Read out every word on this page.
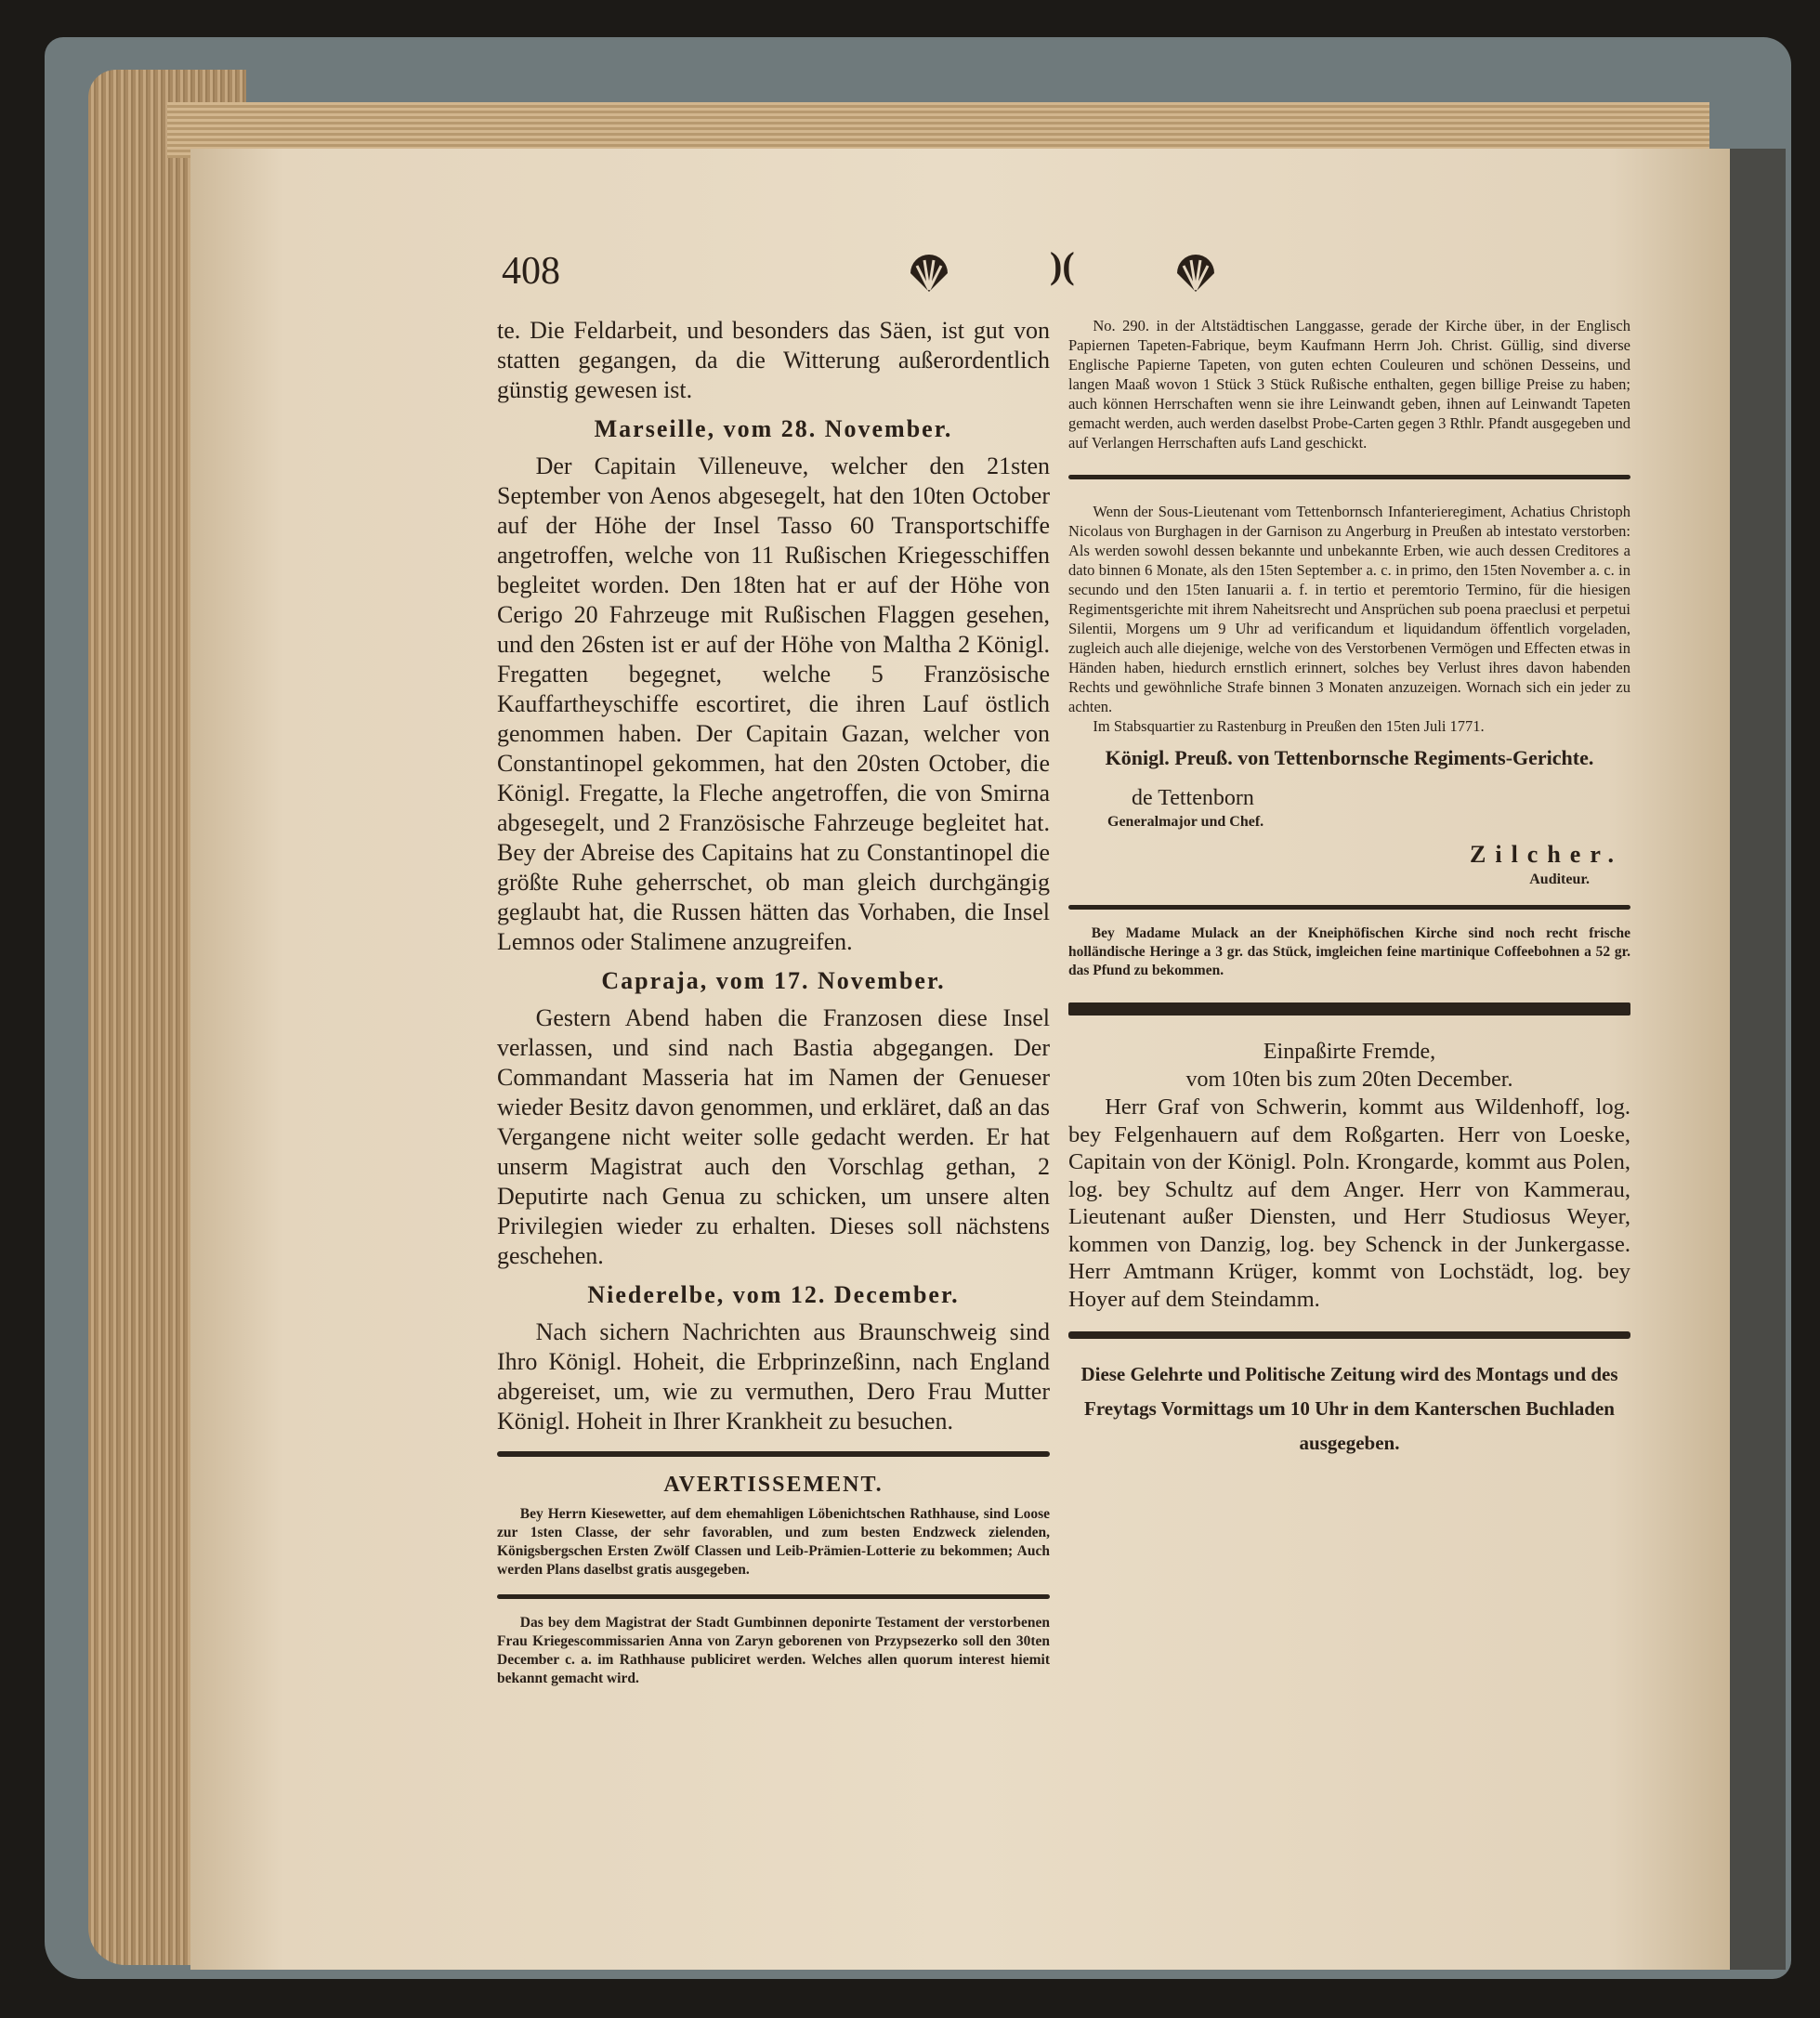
408	)(

te. Die Feldarbeit, und besonders das Säen, ist gut von statten gegangen, da die Witterung außerordentlich günstig gewesen ist.

Marseille, vom 28. November.

Der Capitain Villeneuve, welcher den 21sten September von Aenos abgesegelt, hat den 10ten October auf der Höhe der Insel Tasso 60 Transportschiffe angetroffen, welche von 11 Rußischen Kriegesschiffen begleitet worden. Den 18ten hat er auf der Höhe von Cerigo 20 Fahrzeuge mit Rußischen Flaggen gesehen, und den 26sten ist er auf der Höhe von Maltha 2 Königl. Fregatten begegnet, welche 5 Französische Kauffartheyschiffe escortiret, die ihren Lauf östlich genommen haben. Der Capitain Gazan, welcher von Constantinopel gekommen, hat den 20sten October, die Königl. Fregatte, la Fleche angetroffen, die von Smirna abgesegelt, und 2 Französische Fahrzeuge begleitet hat. Bey der Abreise des Capitains hat zu Constantinopel die größte Ruhe geherrschet, ob man gleich durchgängig geglaubt hat, die Russen hätten das Vorhaben, die Insel Lemnos oder Stalimene anzugreifen.

Capraja, vom 17. November.

Gestern Abend haben die Franzosen diese Insel verlassen, und sind nach Bastia abgegangen. Der Commandant Masseria hat im Namen der Genueser wieder Besitz davon genommen, und erkläret, daß an das Vergangene nicht weiter solle gedacht werden. Er hat unserm Magistrat auch den Vorschlag gethan, 2 Deputirte nach Genua zu schicken, um unsere alten Privilegien wieder zu erhalten. Dieses soll nächstens geschehen.

Niederelbe, vom 12. December.

Nach sichern Nachrichten aus Braunschweig sind Ihro Königl. Hoheit, die Erbprinzeßinn, nach England abgereiset, um, wie zu vermuthen, Dero Frau Mutter Königl. Hoheit in Ihrer Krankheit zu besuchen.

AVERTISSEMENT.

Bey Herrn Kiesewetter, auf dem ehemahligen Löbenichtschen Rathhause, sind Loose zur 1sten Classe, der sehr favorablen, und zum besten Endzweck zielenden, Königsbergschen Ersten Zwölf Classen und Leib-Prämien-Lotterie zu bekommen; Auch werden Plans daselbst gratis ausgegeben.

Das bey dem Magistrat der Stadt Gumbinnen deponirte Testament der verstorbenen Frau Kriegescommissarien Anna von Zaryn geborenen von Przypsezerko soll den 30ten December c. a. im Rathhause publiciret werden. Welches allen quorum interest hiemit bekannt gemacht wird.

No. 290. in der Altstädtischen Langgasse, gerade der Kirche über, in der Englisch Papiernen Tapeten-Fabrique, beym Kaufmann Herrn Joh. Christ. Güllig, sind diverse Englische Papierne Tapeten, von guten echten Couleuren und schönen Desseins, und langen Maaß wovon 1 Stück 3 Stück Rußische enthalten, gegen billige Preise zu haben; auch können Herrschaften wenn sie ihre Leinwandt geben, ihnen auf Leinwandt Tapeten gemacht werden, auch werden daselbst Probe-Carten gegen 3 Rthlr. Pfandt ausgegeben und auf Verlangen Herrschaften aufs Land geschickt.

Wenn der Sous-Lieutenant vom Tettenbornsch Infanterieregiment, Achatius Christoph Nicolaus von Burghagen in der Garnison zu Angerburg in Preußen ab intestato verstorben: Als werden sowohl dessen bekannte und unbekannte Erben, wie auch dessen Creditores a dato binnen 6 Monate, als den 15ten September a. c. in primo, den 15ten November a. c. in secundo und den 15ten Ianuarii a. f. in tertio et peremtorio Termino, für die hiesigen Regimentsgerichte mit ihrem Naheitsrecht und Ansprüchen sub poena praeclusi et perpetui Silentii, Morgens um 9 Uhr ad verificandum et liquidandum öffentlich vorgeladen, zugleich auch alle diejenige, welche von des Verstorbenen Vermögen und Effecten etwas in Händen haben, hiedurch ernstlich erinnert, solches bey Verlust ihres davon habenden Rechts und gewöhnliche Strafe binnen 3 Monaten anzuzeigen. Wornach sich ein jeder zu achten.

Im Stabsquartier zu Rastenburg in Preußen den 15ten Juli 1771.

Königl. Preuß. von Tettenbornsche Regiments-Gerichte.
de Tettenborn
Generalmajor und Chef.
Zilcher.
Auditeur.

Bey Madame Mulack an der Kneiphöfischen Kirche sind noch recht frische holländische Heringe a 3 gr. das Stück, imgleichen feine martinique Coffeebohnen a 52 gr. das Pfund zu bekommen.

Einpaßirte Fremde,
vom 10ten bis zum 20ten December.

Herr Graf von Schwerin, kommt aus Wildenhoff, log. bey Felgenhauern auf dem Roßgarten. Herr von Loeske, Capitain von der Königl. Poln. Krongarde, kommt aus Polen, log. bey Schultz auf dem Anger. Herr von Kammerau, Lieutenant außer Diensten, und Herr Studiosus Weyer, kommen von Danzig, log. bey Schenck in der Junkergasse. Herr Amtmann Krüger, kommt von Lochstädt, log. bey Hoyer auf dem Steindamm.

Diese Gelehrte und Politische Zeitung wird des Montags und des Freytags Vormittags um 10 Uhr in dem Kanterschen Buchladen ausgegeben.
